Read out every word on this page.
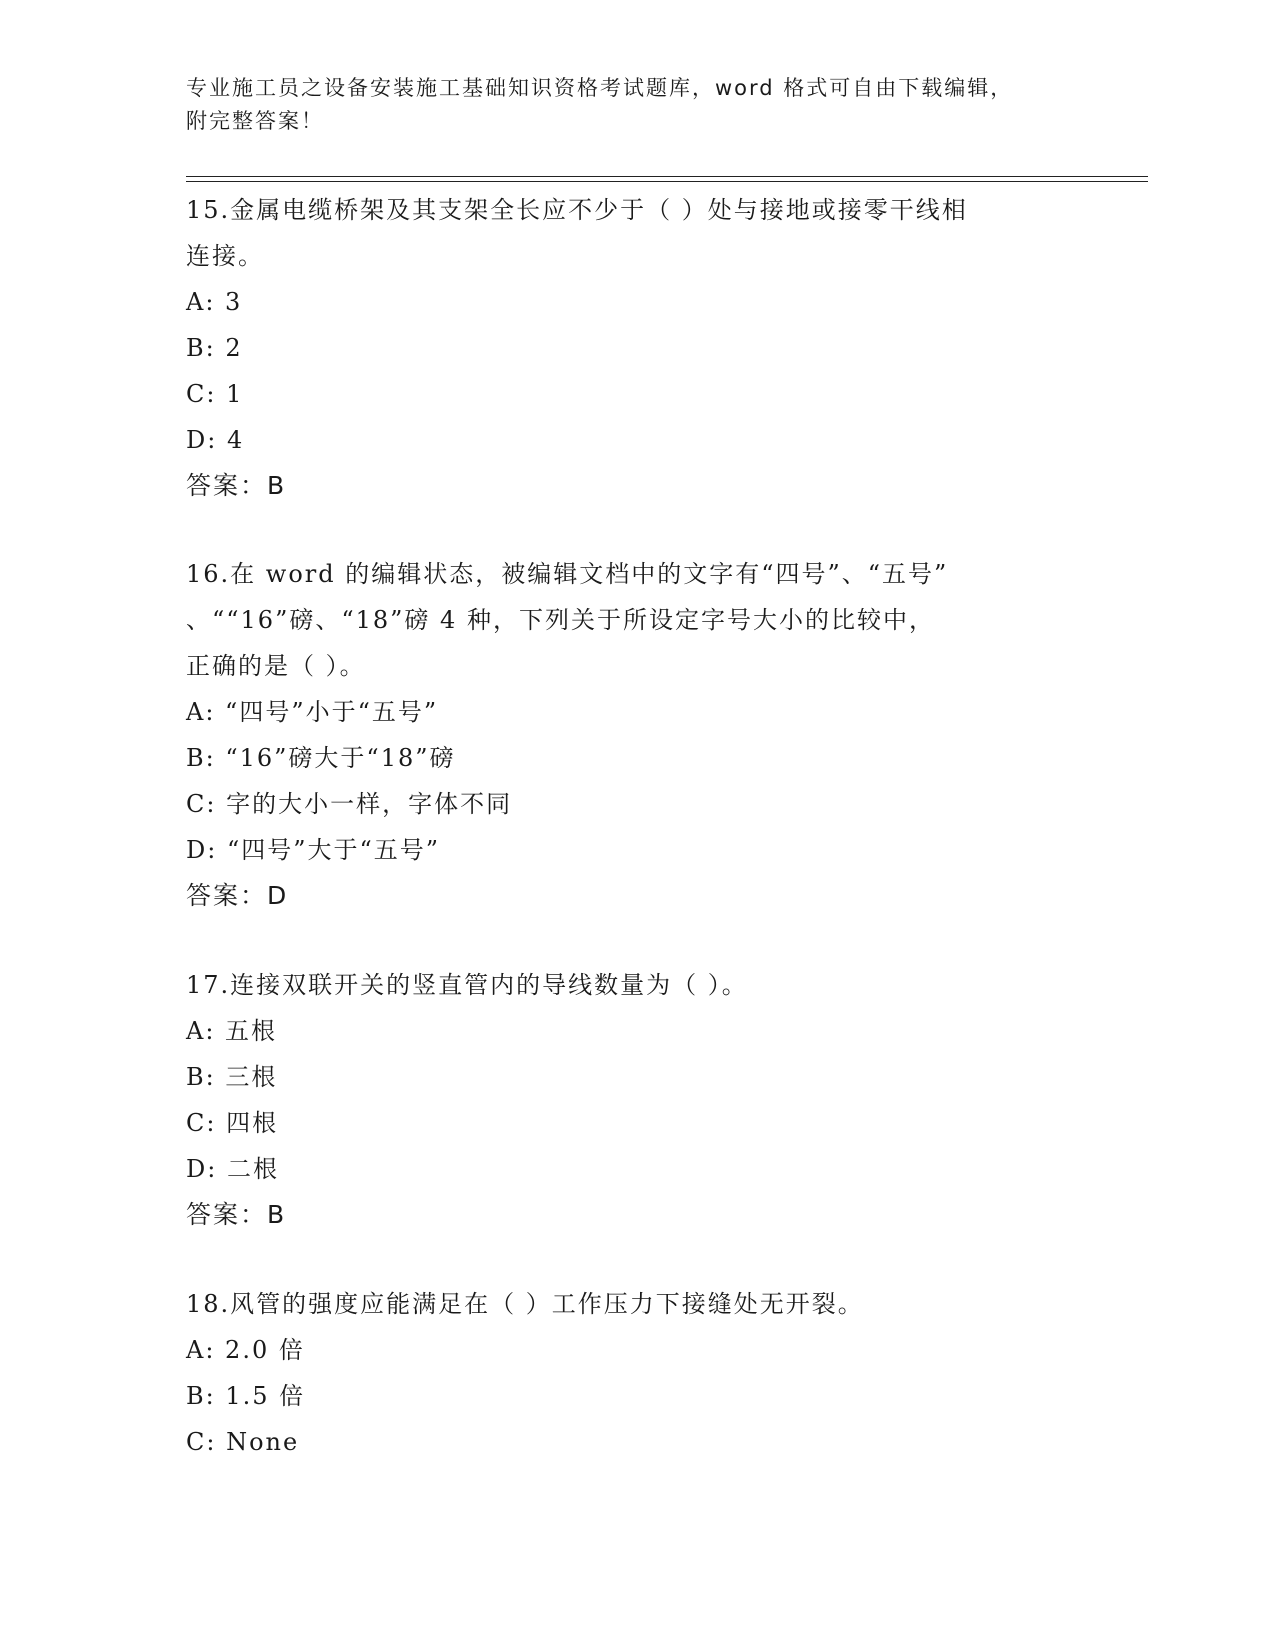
专业施工员之设备安装施工基础知识资格考试题库，word 格式可自由下载编辑，
附完整答案！
15.金属电缆桥架及其支架全长应不少于（ ）处与接地或接零干线相
连接。
A: 3
B: 2
C: 1
D: 4
答案：B
16.在 word 的编辑状态，被编辑文档中的文字有“四号”、“五号”
、““16”磅、“18”磅 4 种，下列关于所设定字号大小的比较中，
正确的是（ ）。
A: “四号”小于“五号”
B: “16”磅大于“18”磅
C: 字的大小一样，字体不同
D: “四号”大于“五号”
答案：D
17.连接双联开关的竖直管内的导线数量为（ ）。
A: 五根
B: 三根
C: 四根
D: 二根
答案：B
18.风管的强度应能满足在（ ）工作压力下接缝处无开裂。
A: 2.0 倍
B: 1.5 倍
C: None
